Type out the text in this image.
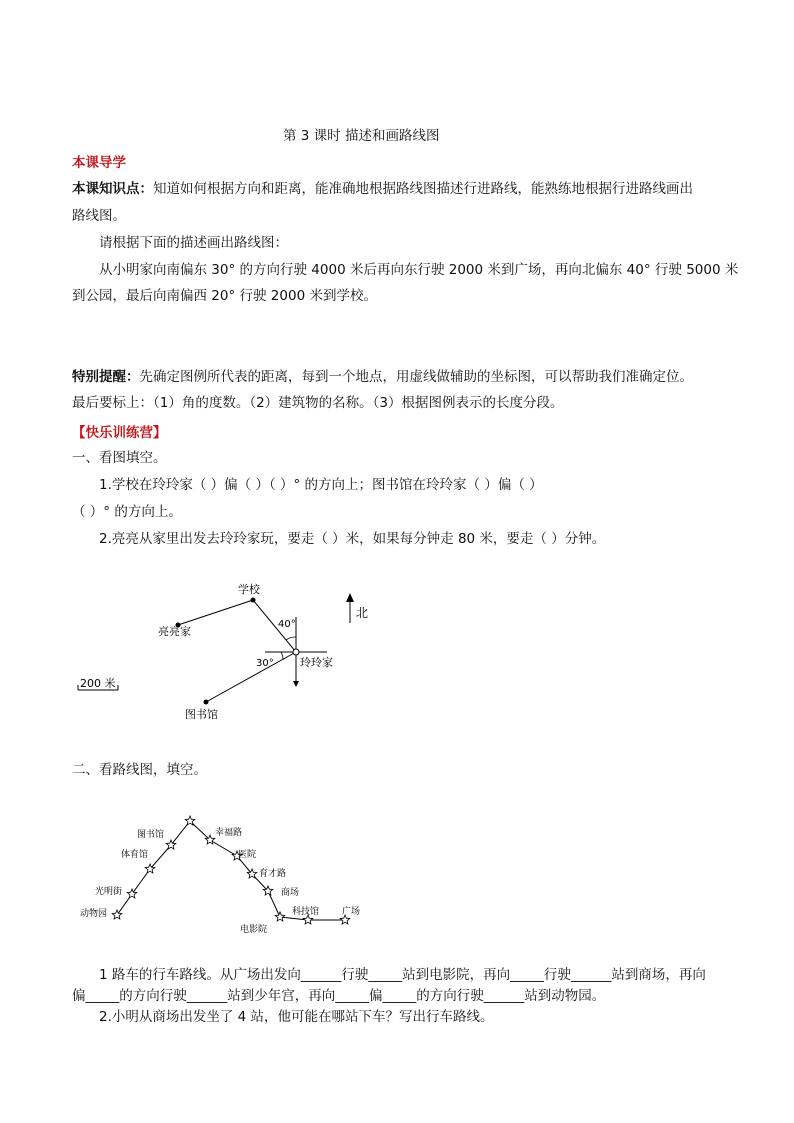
第 3 课时 描述和画路线图
本课导学
本课知识点：知道如何根据方向和距离，能准确地根据路线图描述行进路线，能熟练地根据行进路线画出
路线图。
请根据下面的描述画出路线图：
从小明家向南偏东 30° 的方向行驶 4000 米后再向东行驶 2000 米到广场，再向北偏东 40° 行驶 5000 米
到公园，最后向南偏西 20° 行驶 2000 米到学校。
特别提醒：先确定图例所代表的距离，每到一个地点，用虚线做辅助的坐标图，可以帮助我们准确定位。
最后要标上：（1）角的度数。（2）建筑物的名称。（3）根据图例表示的长度分段。
【快乐训练营】
一、看图填空。
1.学校在玲玲家（ ）偏（ ）（ ）° 的方向上；图书馆在玲玲家（ ）偏（ ）
（ ）° 的方向上。
2.亮亮从家里出发去玲玲家玩，要走（ ）米，如果每分钟走 80 米，要走（ ）分钟。
学校
亮亮家
玲玲家
图书馆
北
40°
30°
200 米
二、看路线图，填空。
图书馆	幸福路
体育馆	医院
育才路
光明街	商场
动物园	科技馆	广场
电影院
1 路车的行车路线。从广场出发向______行驶_____站到电影院，再向_____行驶______站到商场，再向
偏_____的方向行驶______站到少年宫，再向_____偏_____的方向行驶______站到动物园。
2.小明从商场出发坐了 4 站，他可能在哪站下车？写出行车路线。
